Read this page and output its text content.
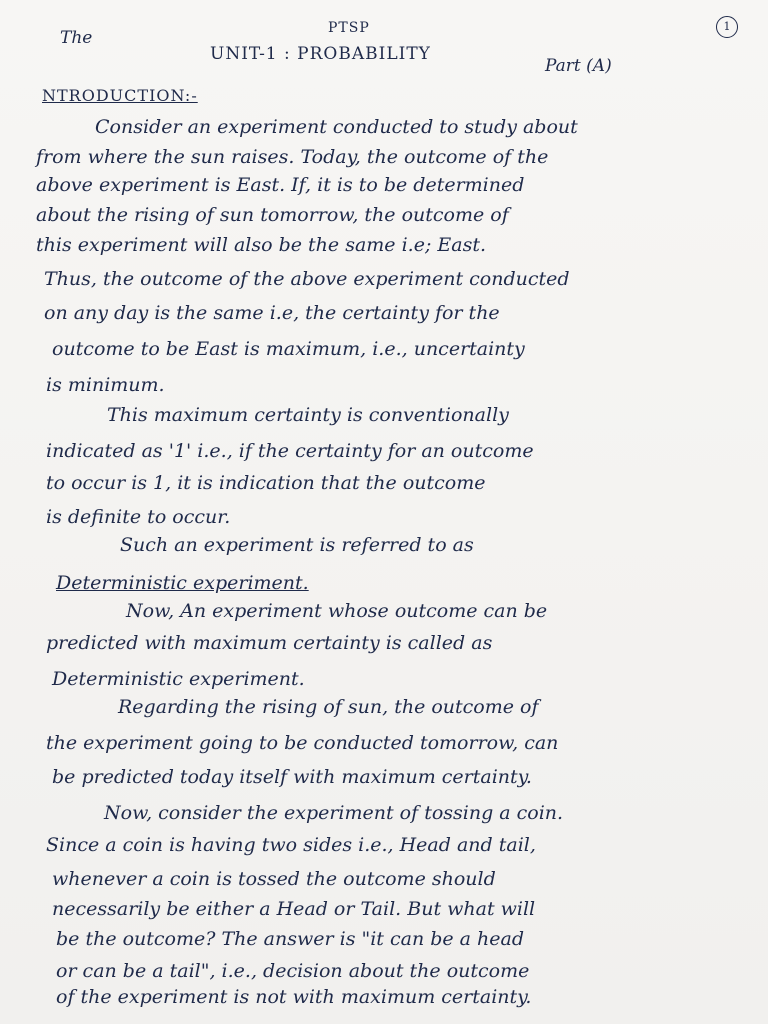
The	PTSP
UNIT-1 : PROBABILITY
Part (A)
1
NTRODUCTION:-
Consider an experiment conducted to study about
from where the sun raises. Today, the outcome of the
above experiment is East. If, it is to be determined
about the rising of sun tomorrow, the outcome of
this experiment will also be the same i.e; East.
Thus, the outcome of the above experiment conducted
on any day is the same i.e, the certainty for the
outcome to be East is maximum, i.e., uncertainty
is minimum.
This maximum certainty is conventionally
indicated as '1' i.e., if the certainty for an outcome
to occur is 1, it is indication that the outcome
is definite to occur.
Such an experiment is referred to as
Deterministic experiment.
Now, An experiment whose outcome can be
predicted with maximum certainty is called as
Deterministic experiment.
Regarding the rising of sun, the outcome of
the experiment going to be conducted tomorrow, can
be predicted today itself with maximum certainty.
Now, consider the experiment of tossing a coin.
Since a coin is having two sides i.e., Head and tail,
whenever a coin is tossed the outcome should
necessarily be either a Head or Tail. But what will
be the outcome? The answer is "it can be a head
or can be a tail", i.e., decision about the outcome
of the experiment is not with maximum certainty.
